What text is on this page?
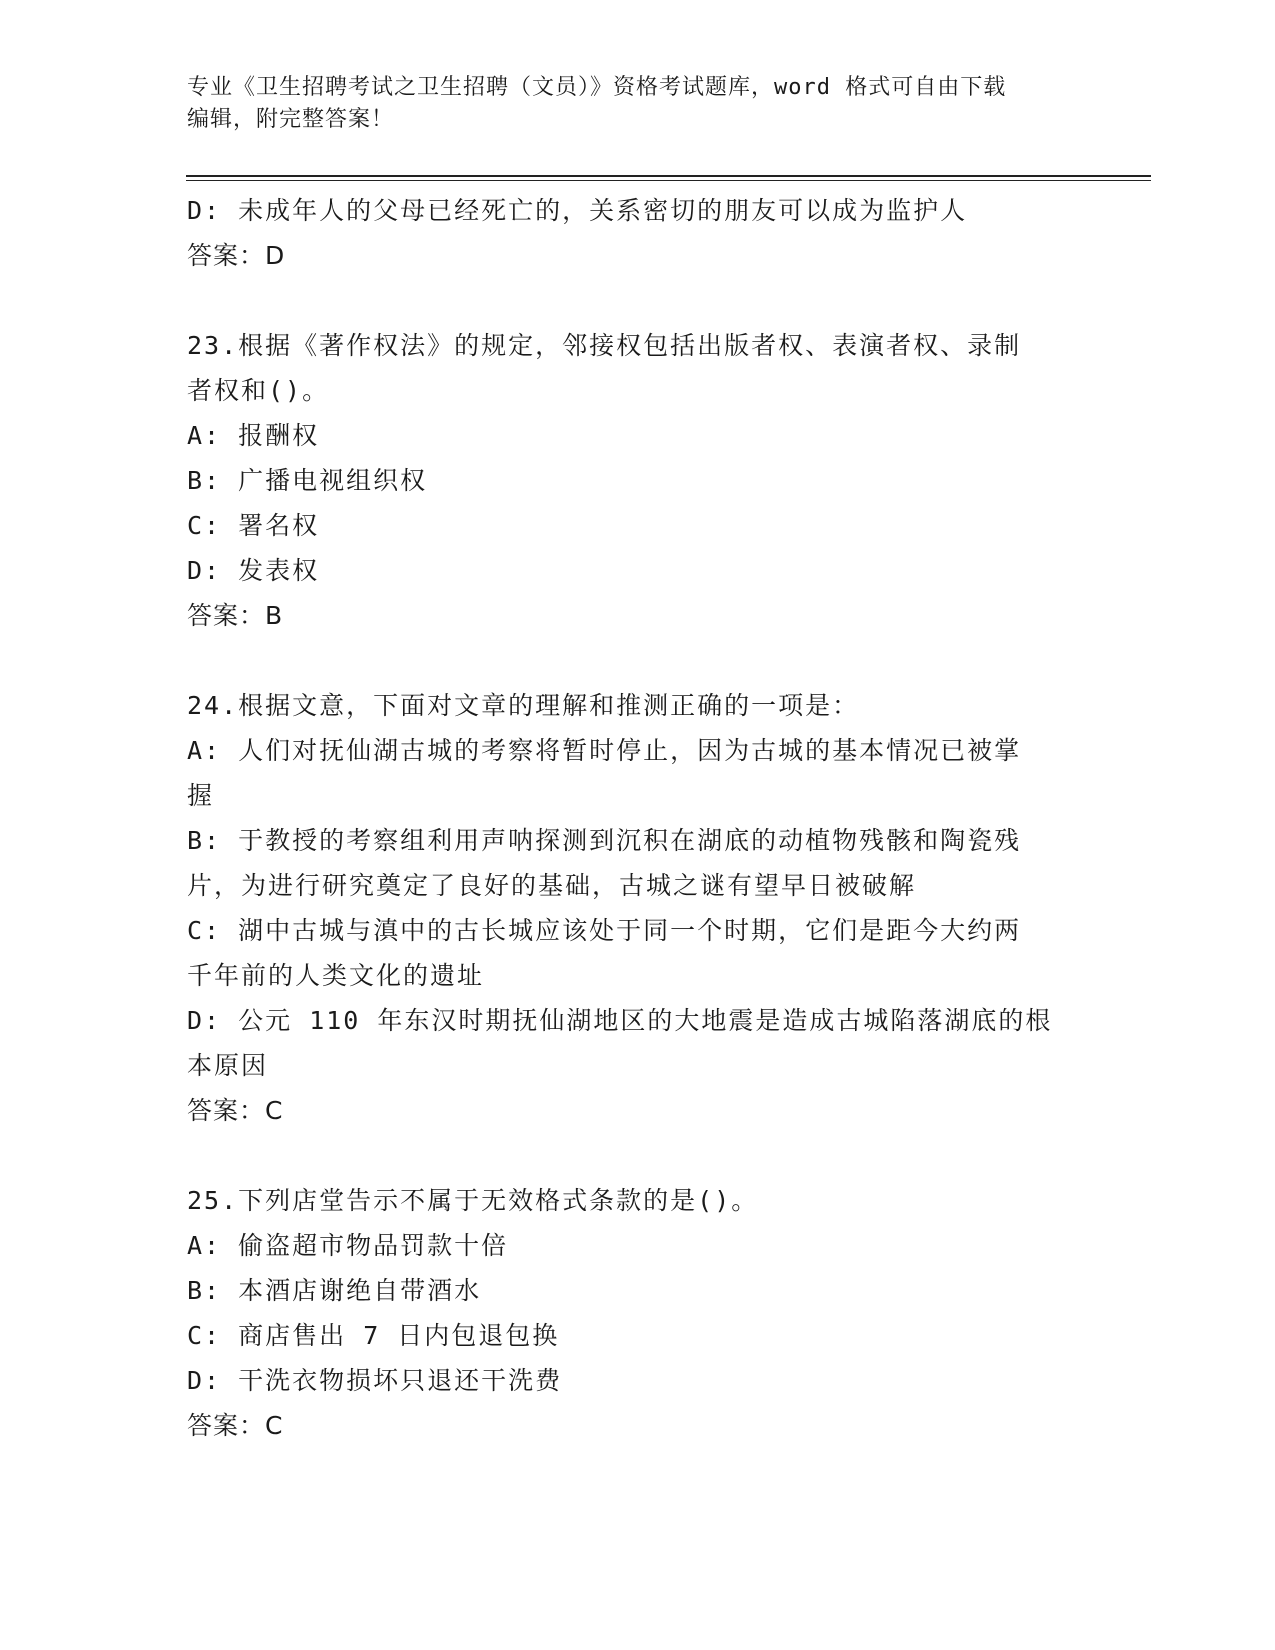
专业《卫生招聘考试之卫生招聘（文员）》资格考试题库，word 格式可自由下载
编辑，附完整答案！
D: 未成年人的父母已经死亡的，关系密切的朋友可以成为监护人
答案：D
23.根据《著作权法》的规定，邻接权包括出版者权、表演者权、录制
者权和()。
A: 报酬权
B: 广播电视组织权
C: 署名权
D: 发表权
答案：B
24.根据文意，下面对文章的理解和推测正确的一项是：
A: 人们对抚仙湖古城的考察将暂时停止，因为古城的基本情况已被掌
握
B: 于教授的考察组利用声呐探测到沉积在湖底的动植物残骸和陶瓷残
片，为进行研究奠定了良好的基础，古城之谜有望早日被破解
C: 湖中古城与滇中的古长城应该处于同一个时期，它们是距今大约两
千年前的人类文化的遗址
D: 公元 110 年东汉时期抚仙湖地区的大地震是造成古城陷落湖底的根
本原因
答案：C
25.下列店堂告示不属于无效格式条款的是()。
A: 偷盗超市物品罚款十倍
B: 本酒店谢绝自带酒水
C: 商店售出 7 日内包退包换
D: 干洗衣物损坏只退还干洗费
答案：C
